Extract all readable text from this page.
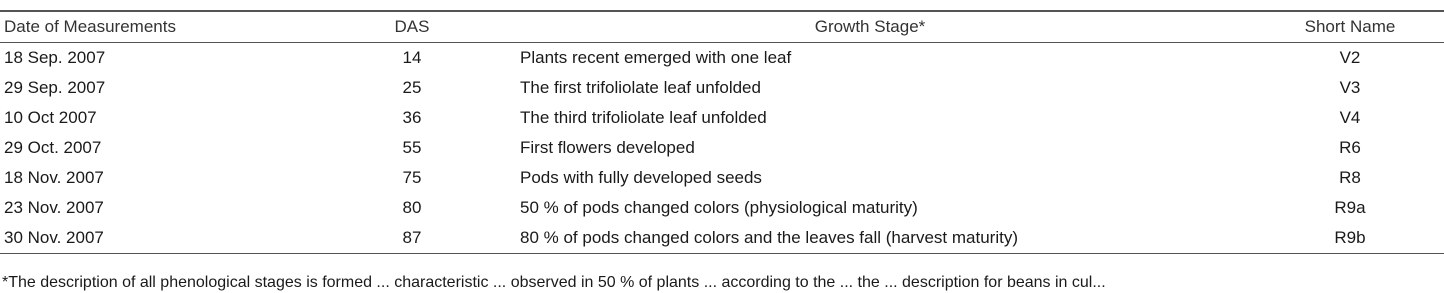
Date of Measurements	DAS	Growth Stage*	Short Name
18 Sep. 2007	14	Plants recent emerged with one leaf	V2
29 Sep. 2007	25	The first trifoliolate leaf unfolded	V3
10 Oct 2007	36	The third trifoliolate leaf unfolded	V4
29 Oct. 2007	55	First flowers developed	R6
18 Nov. 2007	75	Pods with fully developed seeds	R8
23 Nov. 2007	80	50 % of pods changed colors (physiological maturity)	R9a
30 Nov. 2007	87	80 % of pods changed colors and the leaves fall (harvest maturity)	R9b
*The description of all phenological stages is formed ... characteristic ... observed in 50 % of plants ... according to the ... the ... description for beans in cul...
